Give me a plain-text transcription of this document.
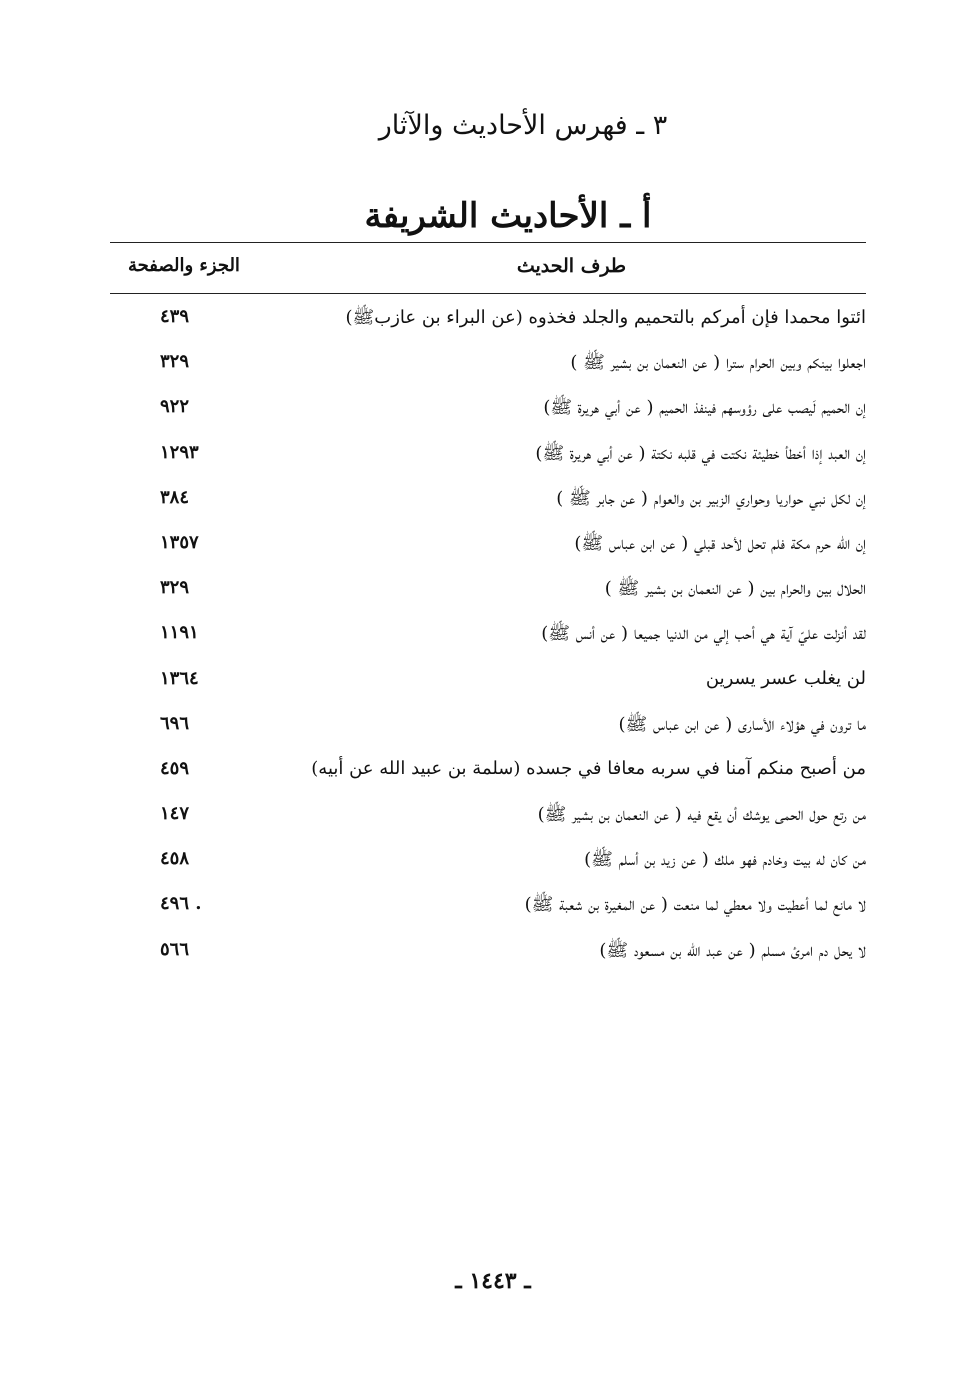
٣ ـ فهرس الأحاديث والآثار
أ ـ الأحاديث الشريفة
طرف الحديث
الجزء والصفحة
ائتوا محمدا فإن أمركم بالتحميم والجلد فخذوه (عن البراء بن عازبﷺ)
٤٣٩
اجعلوا بينكم وبين الحرام سترا ( عن النعمان بن بشير ﷺ )
٣٢٩
إن الحميم لَيصب على رؤوسهم فينفذ الحميم ( عن أبي هريرة ﷺ)
٩٢٢
إن العبد إذا أخطأ خطيئة نكتت في قلبه نكتة ( عن أبي هريرة ﷺ)
١٢٩٣
إن لكل نبي حواريا وحواري الزبير بن والعوام ( عن جابر ﷺ )
٣٨٤
إن الله حرم مكة فلم تحل لأحد قبلي ( عن ابن عباس ﷺ)
١٣٥٧
الحلال بين والحرام بين ( عن النعمان بن بشير ﷺ )
٣٢٩
لقد أنزلت عليّ آية هي أحب إلي من الدنيا جميعا ( عن أنس ﷺ)
١١٩١
لن يغلب عسر يسرين
١٣٦٤
ما ترون في هؤلاء الأسارى ( عن ابن عباس ﷺ)
٦٩٦
من أصبح منكم آمنا في سربه معافا في جسده (سلمة بن عبيد الله عن أبيه)
٤٥٩
من رتع حول الحمى يوشك أن يقع فيه ( عن النعمان بن بشير ﷺ)
١٤٧
من كان له بيت وخادم فهو ملك ( عن زيد بن أسلم ﷺ)
٤٥٨
لا مانع لما أعطيت ولا معطي لما منعت ( عن المغيرة بن شعبة ﷺ)
٤٩٦ .
لا يحل دم امرئ مسلم ( عن عبد الله بن مسعود ﷺ)
٥٦٦
ـ ١٤٤٣ ـ
